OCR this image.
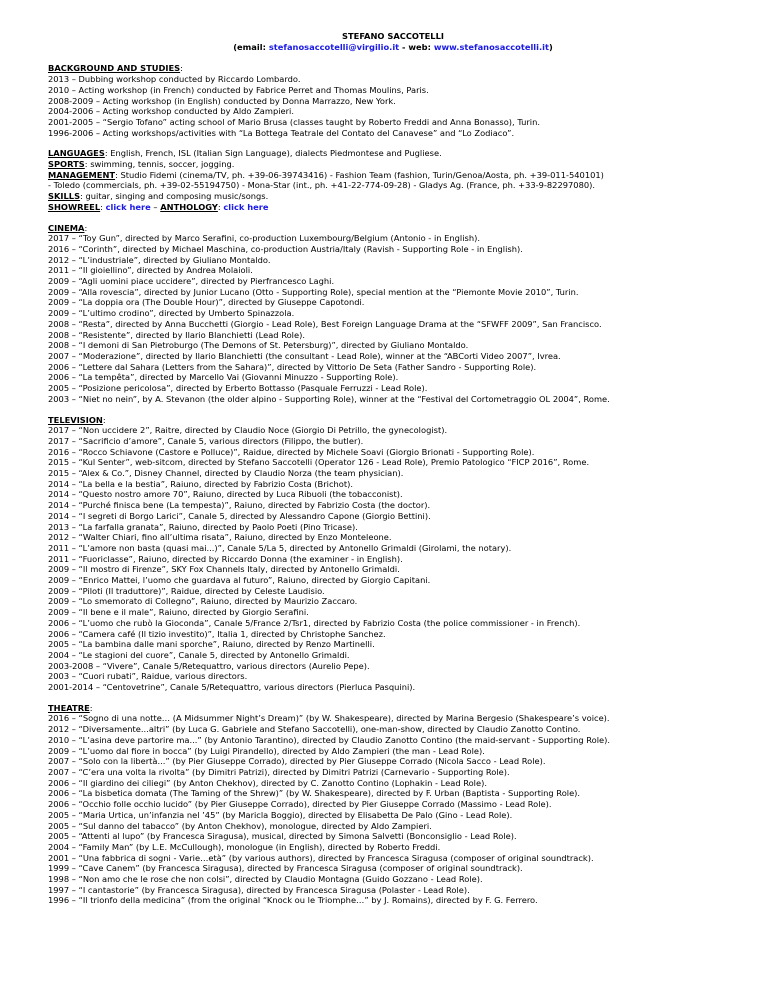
STEFANO SACCOTELLI
(email: stefanosaccotelli@virgilio.it - web: www.stefanosaccotelli.it)
BACKGROUND AND STUDIES:
2013 – Dubbing workshop conducted by Riccardo Lombardo.
2010 – Acting workshop (in French) conducted by Fabrice Perret and Thomas Moulins, Paris.
2008-2009 – Acting workshop (in English) conducted by Donna Marrazzo, New York.
2004-2006 – Acting workshop conducted by Aldo Zampieri.
2001-2005 – “Sergio Tofano” acting school of Mario Brusa (classes taught by Roberto Freddi and Anna Bonasso), Turin.
1996-2006 – Acting workshops/activities with “La Bottega Teatrale del Contato del Canavese” and “Lo Zodiaco”.
LANGUAGES: English, French, ISL (Italian Sign Language), dialects Piedmontese and Pugliese.
SPORTS: swimming, tennis, soccer, jogging.
MANAGEMENT: Studio Fidemi (cinema/TV, ph. +39-06-39743416) - Fashion Team (fashion, Turin/Genoa/Aosta, ph. +39-011-540101)
- Toledo (commercials, ph. +39-02-55194750) - Mona-Star (int., ph. +41-22-774-09-28) - Gladys Ag. (France, ph. +33-9-82297080).
SKILLS: guitar, singing and composing music/songs.
SHOWREEL: click here – ANTHOLOGY: click here
CINEMA:
2017 – “Toy Gun”, directed by Marco Serafini, co-production Luxembourg/Belgium (Antonio - in English).
2016 – “Corinth”, directed by Michael Maschina, co-production Austria/Italy (Ravish - Supporting Role - in English).
2012 – “L’industriale”, directed by Giuliano Montaldo.
2011 – “Il gioiellino”, directed by Andrea Molaioli.
2009 – “Agli uomini piace uccidere”, directed by Pierfrancesco Laghi.
2009 – “Alla rovescia”, directed by Junior Lucano (Otto - Supporting Role), special mention at the “Piemonte Movie 2010”, Turin.
2009 – “La doppia ora (The Double Hour)”, directed by Giuseppe Capotondi.
2009 – “L’ultimo crodino”, directed by Umberto Spinazzola.
2008 – “Resta”, directed by Anna Bucchetti (Giorgio - Lead Role), Best Foreign Language Drama at the “SFWFF 2009”, San Francisco.
2008 – “Resistente”, directed by Ilario Blanchietti (Lead Role).
2008 – “I demoni di San Pietroburgo (The Demons of St. Petersburg)”, directed by Giuliano Montaldo.
2007 – “Moderazione”, directed by Ilario Blanchietti (the consultant - Lead Role), winner at the “ABCorti Video 2007”, Ivrea.
2006 – “Lettere dal Sahara (Letters from the Sahara)”, directed by Vittorio De Seta (Father Sandro - Supporting Role).
2006 – “La tempêta”, directed by Marcello Vai (Giovanni Minuzzo - Supporting Role).
2005 – “Posizione pericolosa”, directed by Erberto Bottasso (Pasquale Ferruzzi - Lead Role).
2003 – “Niet no nein”, by A. Stevanon (the older alpino - Supporting Role), winner at the “Festival del Cortometraggio OL 2004”, Rome.
TELEVISION:
2017 – “Non uccidere 2”, Raitre, directed by Claudio Noce (Giorgio Di Petrillo, the gynecologist).
2017 – “Sacrificio d’amore”, Canale 5, various directors (Filippo, the butler).
2016 – “Rocco Schiavone (Castore e Polluce)”, Raidue, directed by Michele Soavi (Giorgio Brionati - Supporting Role).
2015 – “Kul Senter”, web-sitcom, directed by Stefano Saccotelli (Operator 126 - Lead Role), Premio Patologico “FICP 2016”, Rome.
2015 – “Alex & Co.”, Disney Channel, directed by Claudio Norza (the team physician).
2014 – “La bella e la bestia”, Raiuno, directed by Fabrizio Costa (Brichot).
2014 – “Questo nostro amore 70”, Raiuno, directed by Luca Ribuoli (the tobacconist).
2014 – “Purché finisca bene (La tempesta)”, Raiuno, directed by Fabrizio Costa (the doctor).
2014 – “I segreti di Borgo Larici”, Canale 5, directed by Alessandro Capone (Giorgio Bettini).
2013 – “La farfalla granata”, Raiuno, directed by Paolo Poeti (Pino Tricase).
2012 – “Walter Chiari, fino all’ultima risata”, Raiuno, directed by Enzo Monteleone.
2011 – “L’amore non basta (quasi mai...)”, Canale 5/La 5, directed by Antonello Grimaldi (Girolami, the notary).
2011 – “Fuoriclasse”, Raiuno, directed by Riccardo Donna (the examiner - in English).
2009 – “Il mostro di Firenze”, SKY Fox Channels Italy, directed by Antonello Grimaldi.
2009 – “Enrico Mattei, l’uomo che guardava al futuro”, Raiuno, directed by Giorgio Capitani.
2009 – “Piloti (Il traduttore)”, Raidue, directed by Celeste Laudisio.
2009 – “Lo smemorato di Collegno”, Raiuno, directed by Maurizio Zaccaro.
2009 – “Il bene e il male”, Raiuno, directed by Giorgio Serafini.
2006 – “L’uomo che rubò la Gioconda”, Canale 5/France 2/Tsr1, directed by Fabrizio Costa (the police commissioner - in French).
2006 – “Camera café (Il tizio investito)”, Italia 1, directed by Christophe Sanchez.
2005 – “La bambina dalle mani sporche”, Raiuno, directed by Renzo Martinelli.
2004 – “Le stagioni del cuore”, Canale 5, directed by Antonello Grimaldi.
2003-2008 – “Vivere”, Canale 5/Retequattro, various directors (Aurelio Pepe).
2003 – “Cuori rubati”, Raidue, various directors.
2001-2014 – “Centovetrine”, Canale 5/Retequattro, various directors (Pierluca Pasquini).
THEATRE:
2016 – “Sogno di una notte… (A Midsummer Night’s Dream)” (by W. Shakespeare), directed by Marina Bergesio (Shakespeare’s voice).
2012 – “Diversamente...altri” (by Luca G. Gabriele and Stefano Saccotelli), one-man-show, directed by Claudio Zanotto Contino.
2010 – “L’asina deve partorire ma...” (by Antonio Tarantino), directed by Claudio Zanotto Contino (the maid-servant - Supporting Role).
2009 – “L’uomo dal fiore in bocca” (by Luigi Pirandello), directed by Aldo Zampieri (the man - Lead Role).
2007 – “Solo con la libertà...” (by Pier Giuseppe Corrado), directed by Pier Giuseppe Corrado (Nicola Sacco - Lead Role).
2007 – “C’era una volta la rivolta” (by Dimitri Patrizi), directed by Dimitri Patrizi (Carnevario - Supporting Role).
2006 – “Il giardino dei ciliegi” (by Anton Chekhov), directed by C. Zanotto Contino (Lophakin - Lead Role).
2006 – “La bisbetica domata (The Taming of the Shrew)” (by W. Shakespeare), directed by F. Urban (Baptista - Supporting Role).
2006 – “Occhio folle occhio lucido” (by Pier Giuseppe Corrado), directed by Pier Giuseppe Corrado (Massimo - Lead Role).
2005 – “Maria Urtica, un’infanzia nel ’45” (by Maricla Boggio), directed by Elisabetta De Palo (Gino - Lead Role).
2005 – “Sul danno del tabacco” (by Anton Chekhov), monologue, directed by Aldo Zampieri.
2005 – “Attenti al lupo” (by Francesca Siragusa), musical, directed by Simona Salvetti (Bonconsiglio - Lead Role).
2004 – “Family Man” (by L.E. McCullough), monologue (in English), directed by Roberto Freddi.
2001 – “Una fabbrica di sogni - Varie…età” (by various authors), directed by Francesca Siragusa (composer of original soundtrack).
1999 – “Cave Canem” (by Francesca Siragusa), directed by Francesca Siragusa (composer of original soundtrack).
1998 – “Non amo che le rose che non colsi”, directed by Claudio Montagna (Guido Gozzano - Lead Role).
1997 – “I cantastorie” (by Francesca Siragusa), directed by Francesca Siragusa (Polaster - Lead Role).
1996 – “Il trionfo della medicina” (from the original “Knock ou le Triomphe…” by J. Romains), directed by F. G. Ferrero.
